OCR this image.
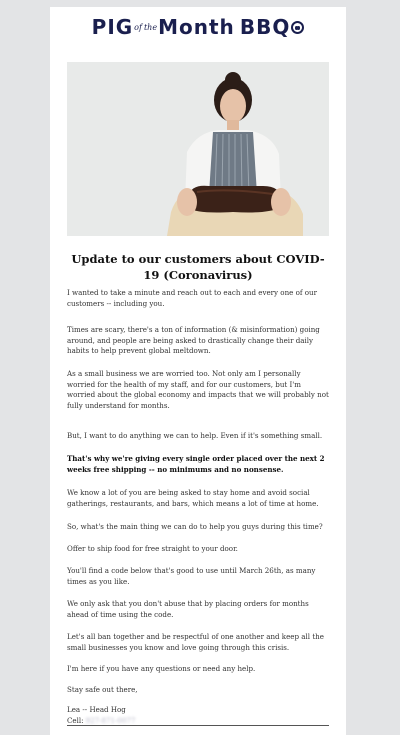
PIGof theMonth BBQ
Update to our customers about COVID-19 (Coronavirus)

I wanted to take a minute and reach out to each and every one of our customers -- including you.

Times are scary, there's a ton of information (& misinformation) going around, and people are being asked to drastically change their daily habits to help prevent global meltdown.

As a small business we are worried too. Not only am I personally worried for the health of my staff, and for our customers, but I'm worried about the global economy and impacts that we will probably not fully understand for months.

But, I want to do anything we can to help. Even if it's something small.

That's why we're giving every single order placed over the next 2 weeks free shipping -- no minimums and no nonsense.

We know a lot of you are being asked to stay home and avoid social gatherings, restaurants, and bars, which means a lot of time at home.

So, what's the main thing we can do to help you guys during this time?

Offer to ship food for free straight to your door.

You'll find a code below that's good to use until March 26th, as many times as you like.

We only ask that you don't abuse that by placing orders for months ahead of time using the code.

Let's all ban together and be respectful of one another and keep all the small businesses you know and love going through this crisis.

I'm here if you have any questions or need any help.

Stay safe out there,

Lea -- Head Hog
Cell: 927-871-0077
